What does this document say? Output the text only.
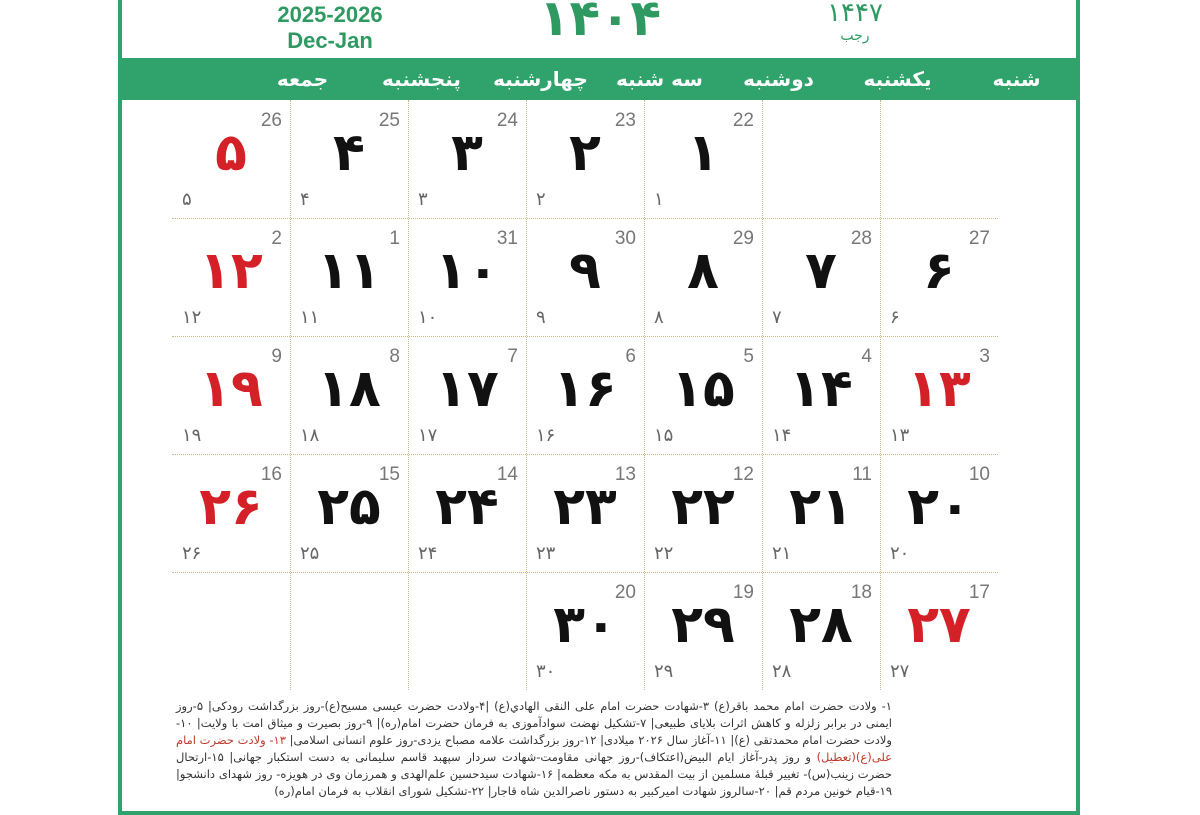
2025-2026
Dec-Jan	۱۴۰۴	۱۴۴۷
رجب
شنبه
یکشنبه
دوشنبه
سه شنبه
چهارشنبه
پنجشنبه
جمعه
22
۱
۱
23
۲
۲
24
۳
۳
25
۴
۴
26
۵
۵
27
۶
۶
28
۷
۷
29
۸
۸
30
۹
۹
31
۱۰
۱۰
1
۱۱
۱۱
2
۱۲
۱۲
3
۱۳
۱۳
4
۱۴
۱۴
5
۱۵
۱۵
6
۱۶
۱۶
7
۱۷
۱۷
8
۱۸
۱۸
9
۱۹
۱۹
10
۲۰
۲۰
11
۲۱
۲۱
12
۲۲
۲۲
13
۲۳
۲۳
14
۲۴
۲۴
15
۲۵
۲۵
16
۲۶
۲۶
17
۲۷
۲۷
18
۲۸
۲۸
19
۲۹
۲۹
20
۳۰
۳۰
۱- ولادت حضرت امام محمد باقر(ع) ۳-شهادت حضرت امام علی النقی الهادي(ع) |۴-ولادت حضرت عیسی مسیح(ع)-روز بزرگداشت رودکی| ۵-روز ایمنی در برابر زلزله و کاهش اثرات بلایای طبیعی| ۷-تشکیل نهضت سوادآموزی به فرمان حضرت امام(ره)| ۹-روز بصیرت و میثاق امت با ولایت| ۱۰-ولادت حضرت امام محمدتقی (ع)| ۱۱-آغاز سال ۲۰۲۶ میلادی| ۱۲-روز بزرگداشت علامه مصباح یزدی-روز علوم انسانی اسلامی| ۱۳- ولادت حضرت امام علی(ع)(تعطیل) و روز پدر-آغاز ایام البیض(اعتکاف)-روز جهانی مقاومت-شهادت سردار سپهبد قاسم سلیمانی به دست استکبار جهانی| ۱۵-ارتحال حضرت زینب(س)- تغییر قبلهٔ مسلمین از بیت المقدس به مکه معظمه| ۱۶-شهادت سیدحسین علم‌الهدی و همرزمان وی در هویزه- روز شهدای دانشجو| ۱۹-قیام خونین مردم قم| ۲۰-سالروز شهادت امیرکبیر به دستور ناصرالدین شاه قاجار| ۲۲-تشکیل شورای انقلاب به فرمان امام(ره)
